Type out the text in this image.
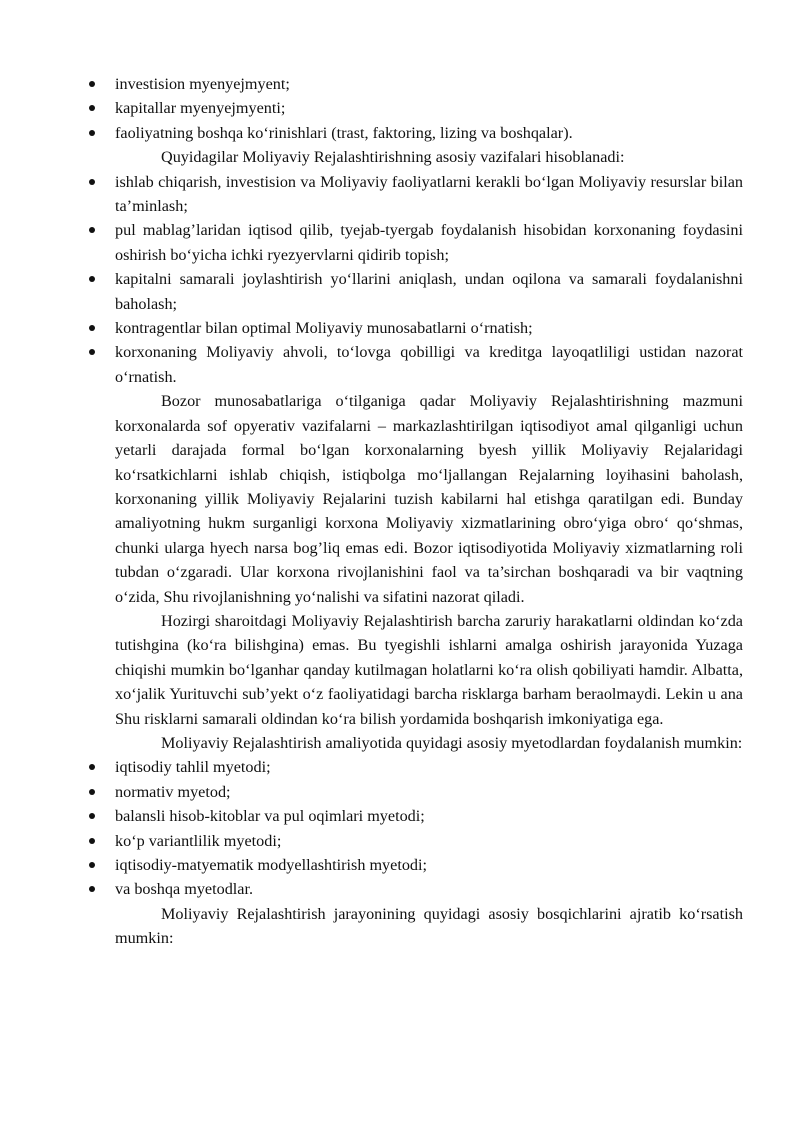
investision myenyejmyent;
kapitallar myenyejmyenti;
faoliyatning boshqa ko‘rinishlari (trast, faktoring, lizing va boshqalar).
Quyidagilar Moliyaviy Rejalashtirishning asosiy vazifalari hisoblanadi:
ishlab chiqarish, investision va Moliyaviy faoliyatlarni kerakli bo‘lgan Moliyaviy resurslar bilan ta’minlash;
pul mablag’laridan iqtisod qilib, tyejab-tyergab foydalanish hisobidan korxonaning foydasini oshirish bo‘yicha ichki ryezyervlarni qidirib topish;
kapitalni samarali joylashtirish yo‘llarini aniqlash, undan oqilona va samarali foydalanishni baholash;
kontragentlar bilan optimal Moliyaviy munosabatlarni o‘rnatish;
korxonaning Moliyaviy ahvoli, to‘lovga qobilligi va kreditga layoqatliligi ustidan nazorat o‘rnatish.
Bozor munosabatlariga o‘tilganiga qadar Moliyaviy Rejalashtirishning mazmuni korxonalarda sof opyerativ vazifalarni – markazlashtirilgan iqtisodiyot amal qilganligi uchun yetarli darajada formal bo‘lgan korxonalarning byesh yillik Moliyaviy Rejalaridagi ko‘rsatkichlarni ishlab chiqish, istiqbolga mo‘ljallangan Rejalarning loyihasini baholash, korxonaning yillik Moliyaviy Rejalarini tuzish kabilarni hal etishga qaratilgan edi. Bunday amaliyotning hukm surganligi korxona Moliyaviy xizmatlarining obro‘yiga obro‘ qo‘shmas, chunki ularga hyech narsa bog’liq emas edi. Bozor iqtisodiyotida Moliyaviy xizmatlarning roli tubdan o‘zgaradi. Ular korxona rivojlanishini faol va ta’sirchan boshqaradi va bir vaqtning o‘zida, Shu rivojlanishning yo‘nalishi va sifatini nazorat qiladi.
Hozirgi sharoitdagi Moliyaviy Rejalashtirish barcha zaruriy harakatlarni oldindan ko‘zda tutishgina (ko‘ra bilishgina) emas. Bu tyegishli ishlarni amalga oshirish jarayonida Yuzaga chiqishi mumkin bo‘lganhar qanday kutilmagan holatlarni ko‘ra olish qobiliyati hamdir. Albatta, xo‘jalik Yurituvchi sub’yekt o‘z faoliyatidagi barcha risklarga barham beraolmaydi. Lekin u ana Shu risklarni samarali oldindan ko‘ra bilish yordamida boshqarish imkoniyatiga ega.
Moliyaviy Rejalashtirish amaliyotida quyidagi asosiy myetodlardan foydalanish mumkin:
iqtisodiy tahlil myetodi;
normativ myetod;
balansli hisob-kitoblar va pul oqimlari myetodi;
ko‘p variantlilik myetodi;
iqtisodiy-matyematik modyellashtirish myetodi;
va boshqa myetodlar.
Moliyaviy Rejalashtirish jarayonining quyidagi asosiy bosqichlarini ajratib ko‘rsatish mumkin:
